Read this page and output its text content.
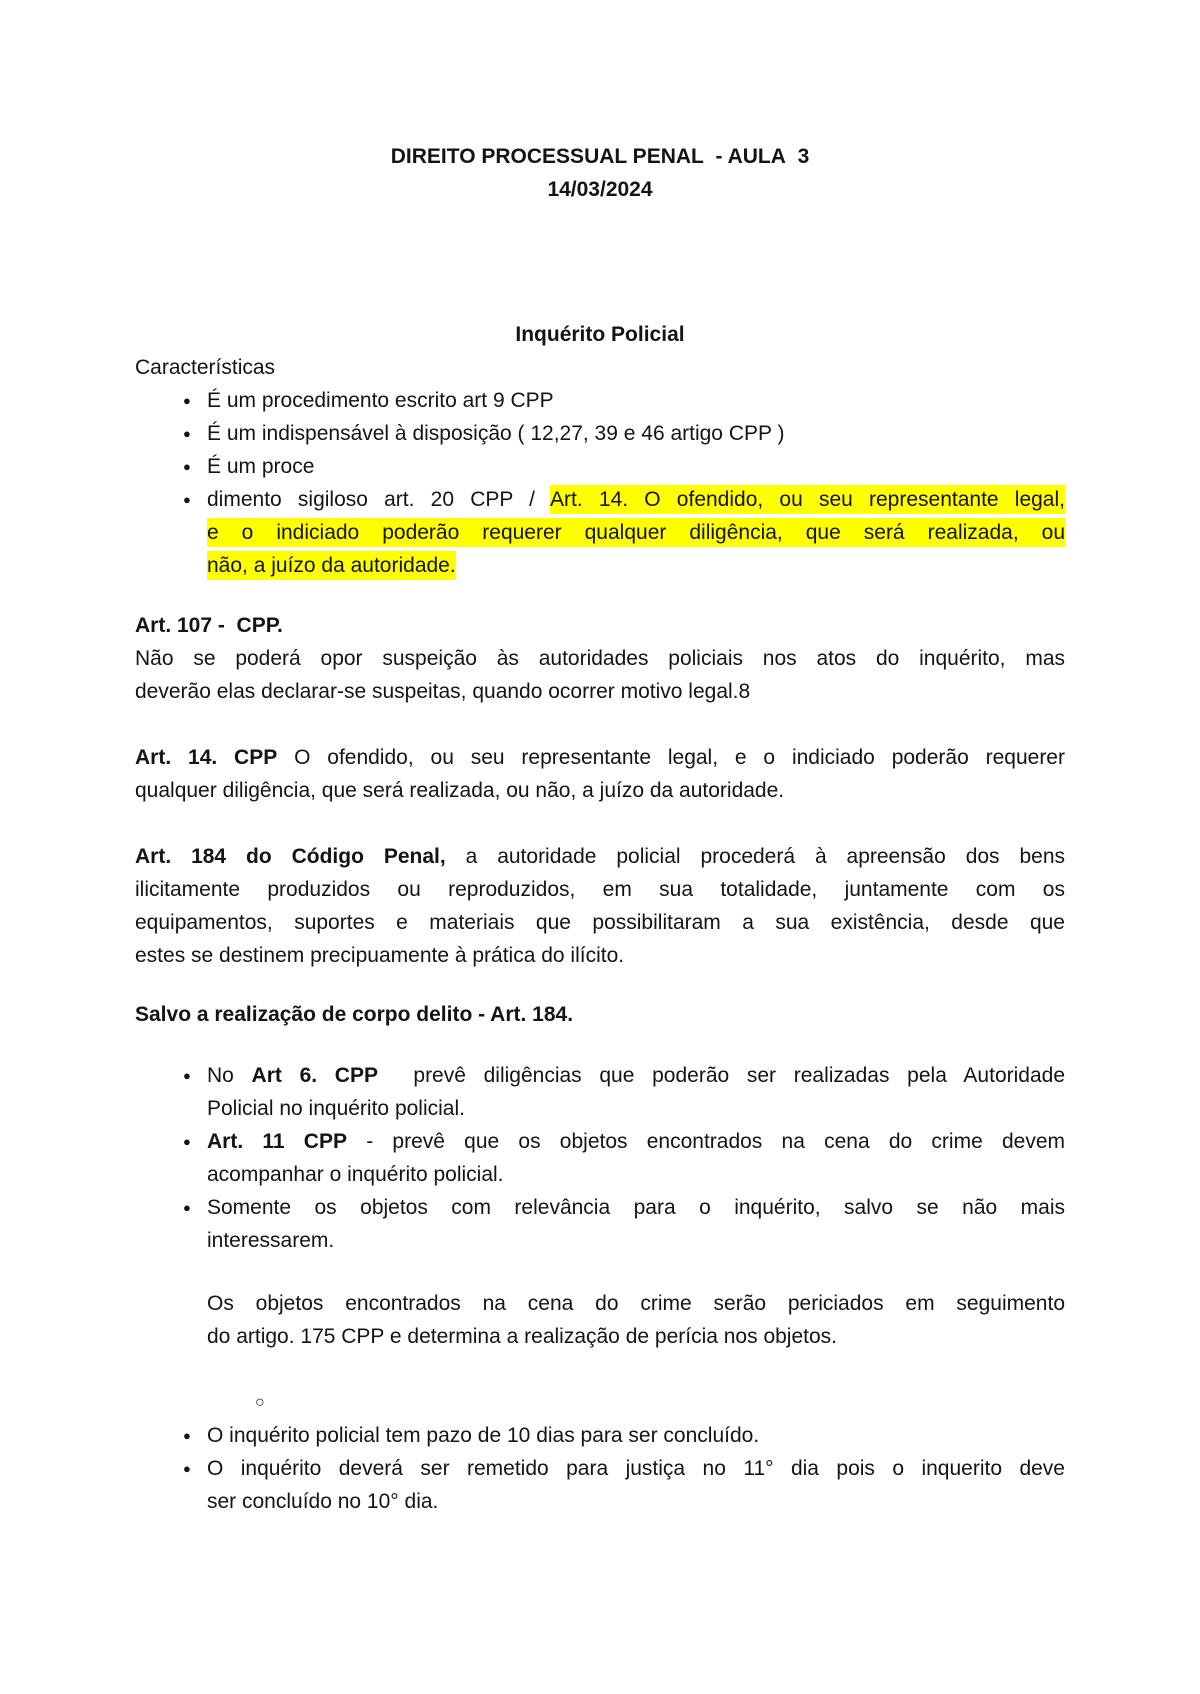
DIREITO PROCESSUAL PENAL  - AULA  3
14/03/2024
Inquérito Policial
Características
● É um procedimento escrito art 9 CPP
● É um indispensável à disposição ( 12,27, 39 e 46 artigo CPP )
● É um proce
● dimento sigiloso art. 20 CPP / Art. 14. O ofendido, ou seu representante legal,
e o indiciado poderão requerer qualquer diligência, que será realizada, ou
não, a juízo da autoridade.
Art. 107 -  CPP.
Não se poderá opor suspeição às autoridades policiais nos atos do inquérito, mas
deverão elas declarar-se suspeitas, quando ocorrer motivo legal.8
Art. 14. CPP O ofendido, ou seu representante legal, e o indiciado poderão requerer
qualquer diligência, que será realizada, ou não, a juízo da autoridade.
Art. 184 do Código Penal, a autoridade policial procederá à apreensão dos bens
ilicitamente produzidos ou reproduzidos, em sua totalidade, juntamente com os
equipamentos, suportes e materiais que possibilitaram a sua existência, desde que
estes se destinem precipuamente à prática do ilícito.
Salvo a realização de corpo delito - Art. 184.
● No Art 6. CPP  prevê diligências que poderão ser realizadas pela Autoridade
Policial no inquérito policial.
● Art. 11 CPP - prevê que os objetos encontrados na cena do crime devem
acompanhar o inquérito policial.
● Somente os objetos com relevância para o inquérito, salvo se não mais
interessarem.
Os objetos encontrados na cena do crime serão periciados em seguimento
do artigo. 175 CPP e determina a realização de perícia nos objetos.
○
● O inquérito policial tem pazo de 10 dias para ser concluído.
● O inquérito deverá ser remetido para justiça no 11° dia pois o inquerito deve
ser concluído no 10° dia.
